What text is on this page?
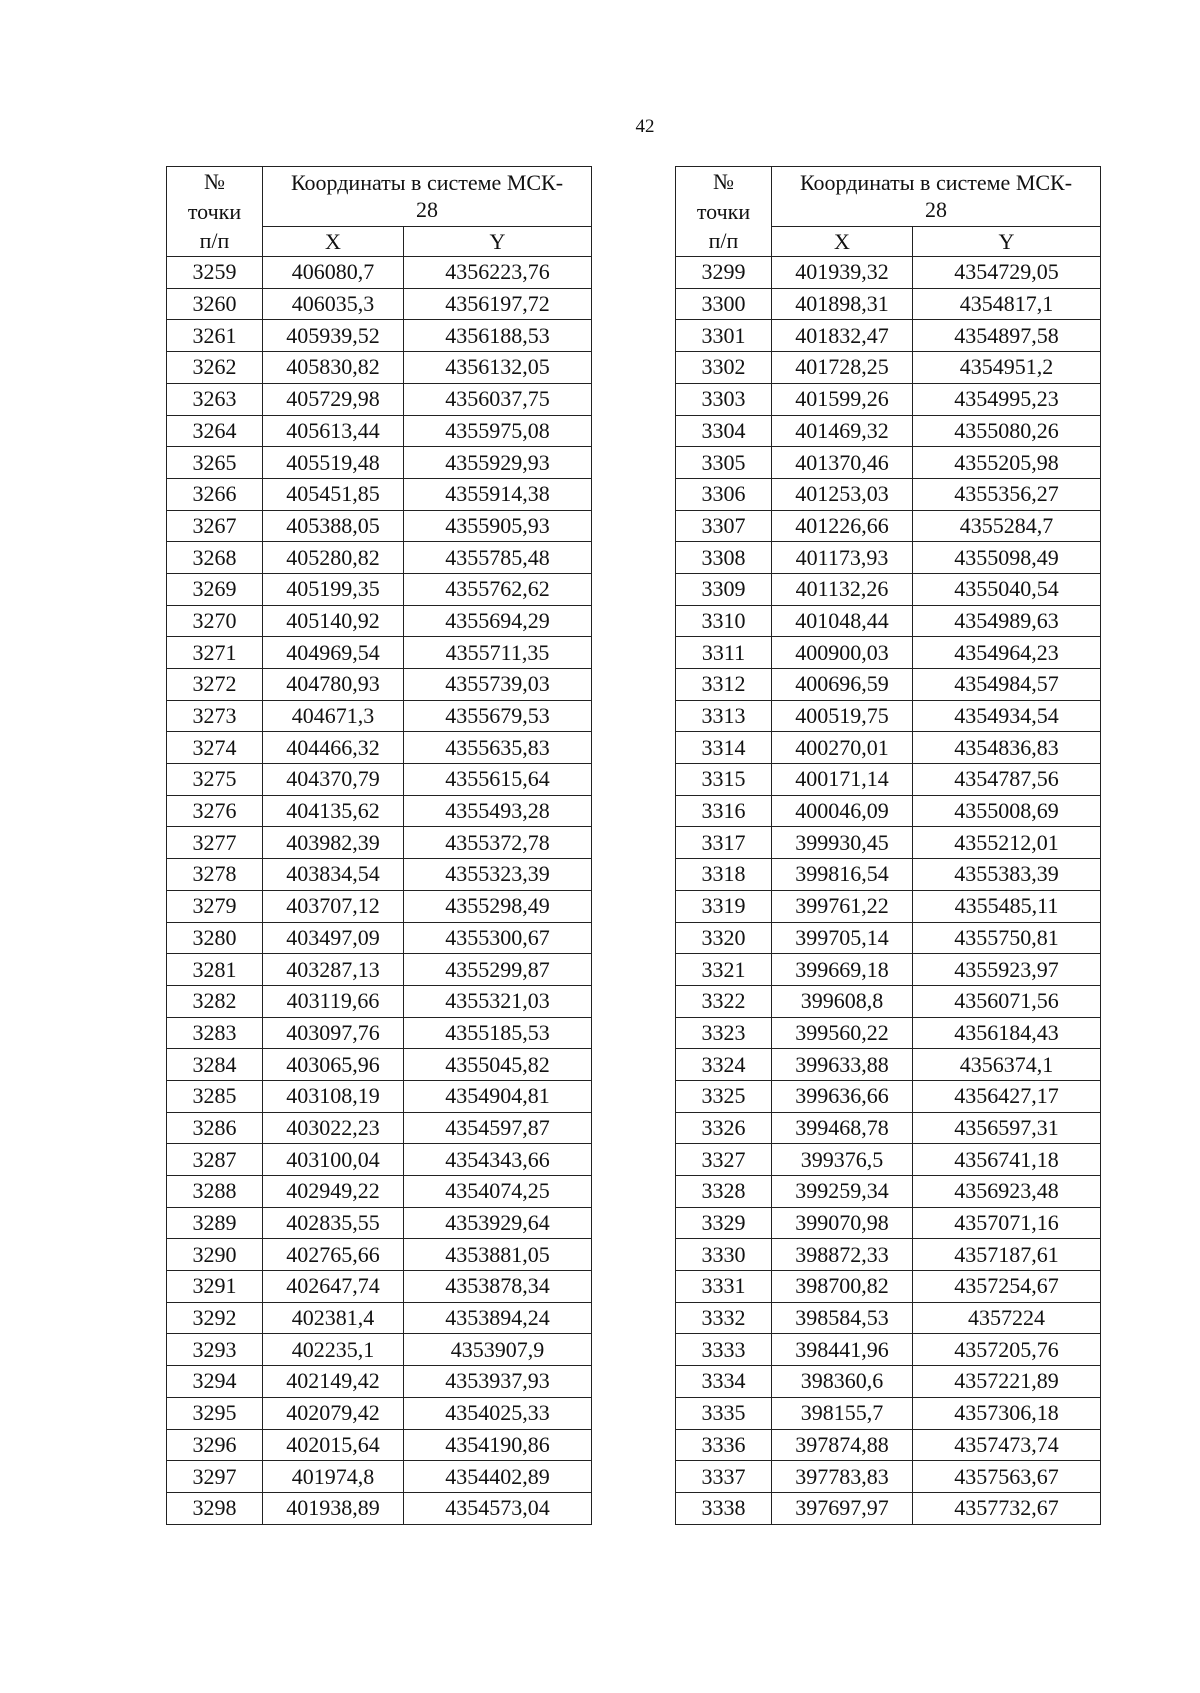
42
№
точки
п/п	Координаты в системе МСК-
28	
	X	Y
3259	406080,7	4356223,76
3260	406035,3	4356197,72
3261	405939,52	4356188,53
3262	405830,82	4356132,05
3263	405729,98	4356037,75
3264	405613,44	4355975,08
3265	405519,48	4355929,93
3266	405451,85	4355914,38
3267	405388,05	4355905,93
3268	405280,82	4355785,48
3269	405199,35	4355762,62
3270	405140,92	4355694,29
3271	404969,54	4355711,35
3272	404780,93	4355739,03
3273	404671,3	4355679,53
3274	404466,32	4355635,83
3275	404370,79	4355615,64
3276	404135,62	4355493,28
3277	403982,39	4355372,78
3278	403834,54	4355323,39
3279	403707,12	4355298,49
3280	403497,09	4355300,67
3281	403287,13	4355299,87
3282	403119,66	4355321,03
3283	403097,76	4355185,53
3284	403065,96	4355045,82
3285	403108,19	4354904,81
3286	403022,23	4354597,87
3287	403100,04	4354343,66
3288	402949,22	4354074,25
3289	402835,55	4353929,64
3290	402765,66	4353881,05
3291	402647,74	4353878,34
3292	402381,4	4353894,24
3293	402235,1	4353907,9
3294	402149,42	4353937,93
3295	402079,42	4354025,33
3296	402015,64	4354190,86
3297	401974,8	4354402,89
3298	401938,89	4354573,04
№
точки
п/п	Координаты в системе МСК-
28	
	X	Y
3299	401939,32	4354729,05
3300	401898,31	4354817,1
3301	401832,47	4354897,58
3302	401728,25	4354951,2
3303	401599,26	4354995,23
3304	401469,32	4355080,26
3305	401370,46	4355205,98
3306	401253,03	4355356,27
3307	401226,66	4355284,7
3308	401173,93	4355098,49
3309	401132,26	4355040,54
3310	401048,44	4354989,63
3311	400900,03	4354964,23
3312	400696,59	4354984,57
3313	400519,75	4354934,54
3314	400270,01	4354836,83
3315	400171,14	4354787,56
3316	400046,09	4355008,69
3317	399930,45	4355212,01
3318	399816,54	4355383,39
3319	399761,22	4355485,11
3320	399705,14	4355750,81
3321	399669,18	4355923,97
3322	399608,8	4356071,56
3323	399560,22	4356184,43
3324	399633,88	4356374,1
3325	399636,66	4356427,17
3326	399468,78	4356597,31
3327	399376,5	4356741,18
3328	399259,34	4356923,48
3329	399070,98	4357071,16
3330	398872,33	4357187,61
3331	398700,82	4357254,67
3332	398584,53	4357224
3333	398441,96	4357205,76
3334	398360,6	4357221,89
3335	398155,7	4357306,18
3336	397874,88	4357473,74
3337	397783,83	4357563,67
3338	397697,97	4357732,67
